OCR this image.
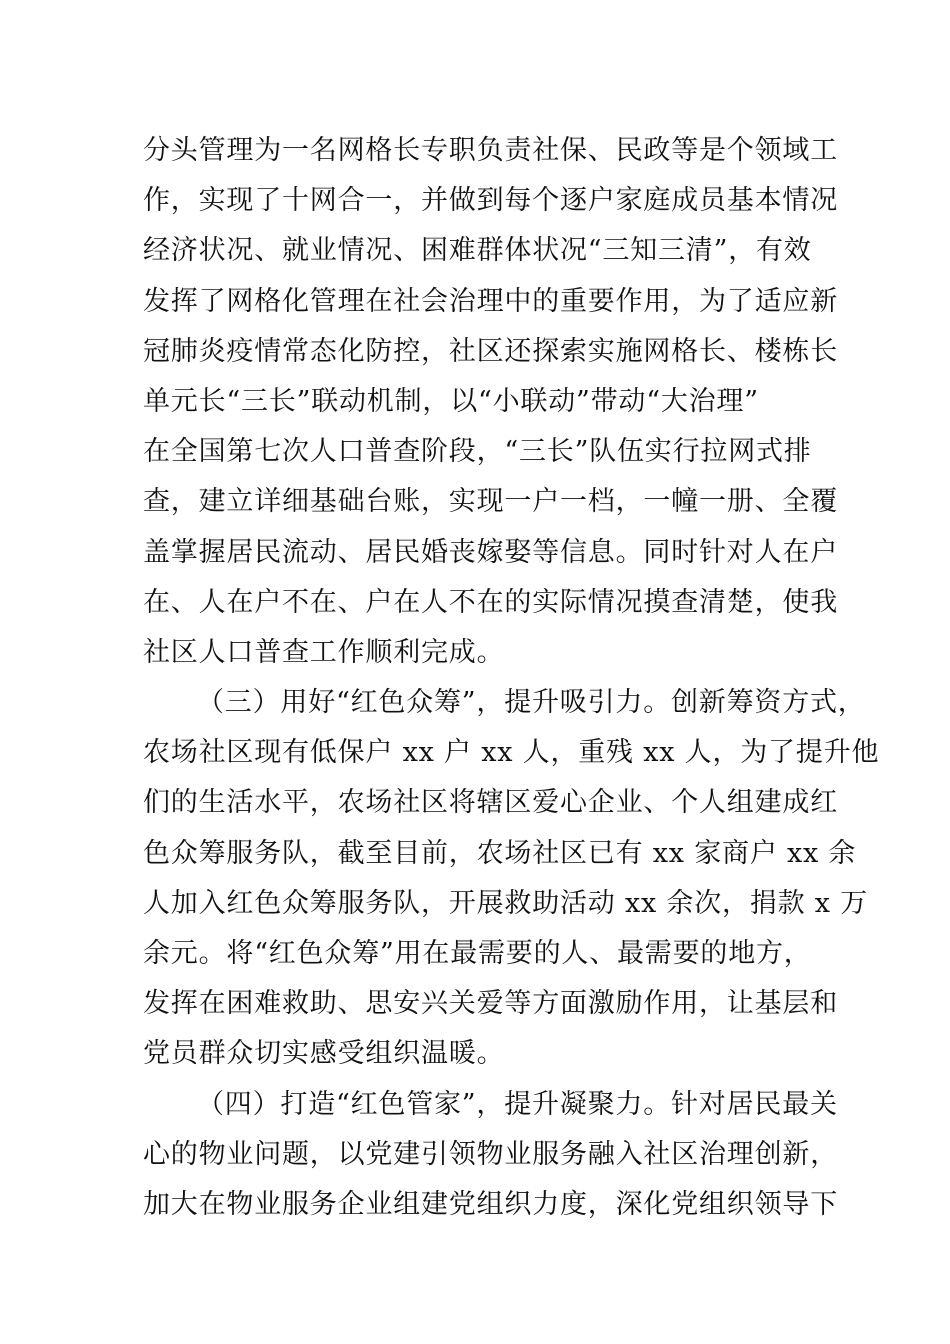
分头管理为一名网格长专职负责社保、民政等是个领域工
作，实现了十网合一，并做到每个逐户家庭成员基本情况
经济状况、就业情况、困难群体状况“三知三清”，有效
发挥了网格化管理在社会治理中的重要作用，为了适应新
冠肺炎疫情常态化防控，社区还探索实施网格长、楼栋长
单元长“三长”联动机制，以“小联动”带动“大治理”
在全国第七次人口普查阶段，“三长”队伍实行拉网式排
查，建立详细基础台账，实现一户一档，一幢一册、全覆
盖掌握居民流动、居民婚丧嫁娶等信息。同时针对人在户
在、人在户不在、户在人不在的实际情况摸查清楚，使我
社区人口普查工作顺利完成。
（三）用好“红色众筹”，提升吸引力。创新筹资方式，
农场社区现有低保户 xx 户 xx 人，重残 xx 人，为了提升他
们的生活水平，农场社区将辖区爱心企业、个人组建成红
色众筹服务队，截至目前，农场社区已有 xx 家商户 xx 余
人加入红色众筹服务队，开展救助活动 xx 余次，捐款 x 万
余元。将“红色众筹”用在最需要的人、最需要的地方，
发挥在困难救助、思安兴关爱等方面激励作用，让基层和
党员群众切实感受组织温暖。
（四）打造“红色管家”，提升凝聚力。针对居民最关
心的物业问题，以党建引领物业服务融入社区治理创新，
加大在物业服务企业组建党组织力度，深化党组织领导下
